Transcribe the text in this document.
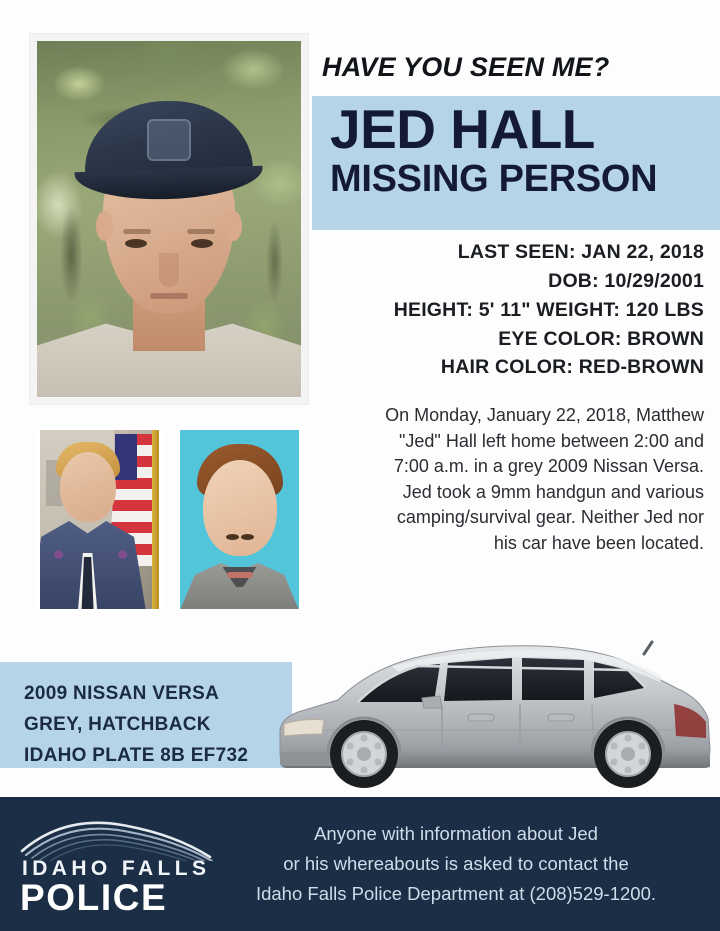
HAVE YOU SEEN ME?
JED HALL
MISSING PERSON
LAST SEEN: JAN 22, 2018
DOB: 10/29/2001
HEIGHT: 5' 11" WEIGHT: 120 LBS
EYE COLOR: BROWN
HAIR COLOR: RED-BROWN
On Monday, January 22, 2018, Matthew "Jed" Hall left home between 2:00 and 7:00 a.m. in a grey 2009 Nissan Versa. Jed took a 9mm handgun and various camping/survival gear. Neither Jed nor his car have been located.
2009 NISSAN VERSA
GREY, HATCHBACK
IDAHO PLATE 8B EF732
IDAHO FALLS
POLICE
Anyone with information about Jed
or his whereabouts is asked to contact the
Idaho Falls Police Department at (208)529-1200.
